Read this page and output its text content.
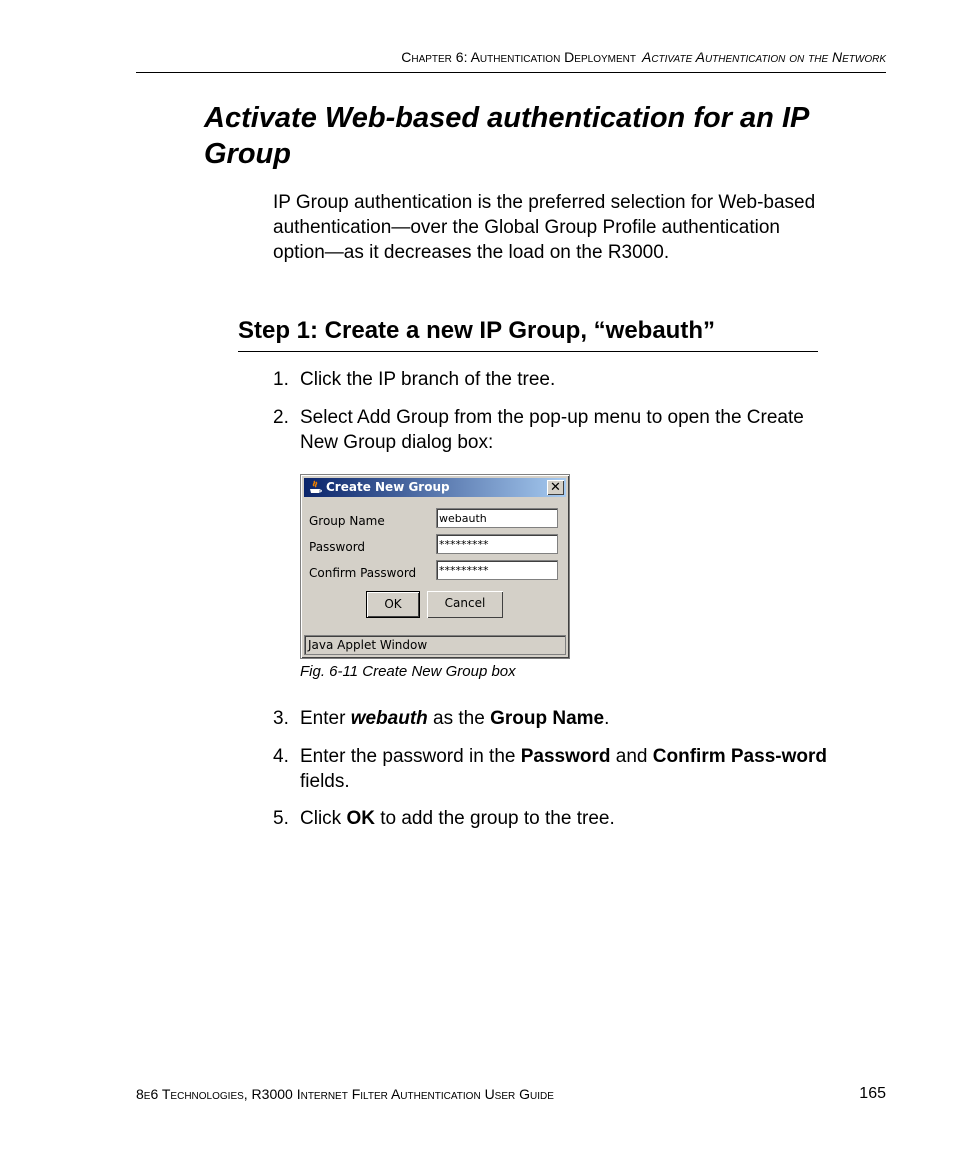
Chapter 6: Authentication Deployment Activate Authentication on the Network
Activate Web-based authentication for an IP Group

IP Group authentication is the preferred selection for Web-based authentication—over the Global Group Profile authentication option—as it decreases the load on the R3000.

Step 1: Create a new IP Group, “webauth”
1. Click the IP branch of the tree.
2. Select Add Group from the pop-up menu to open the Create New Group dialog box:
Create New Group	✕
Group Name	webauth
Password	*********
Confirm Password *********
OK	Cancel
Java Applet Window
Fig. 6-11 Create New Group box
3. Enter webauth as the Group Name.
4. Enter the password in the Password and Confirm Pass-word fields.
5. Click OK to add the group to the tree.
8e6 Technologies, R3000 Internet Filter Authentication User Guide	165
